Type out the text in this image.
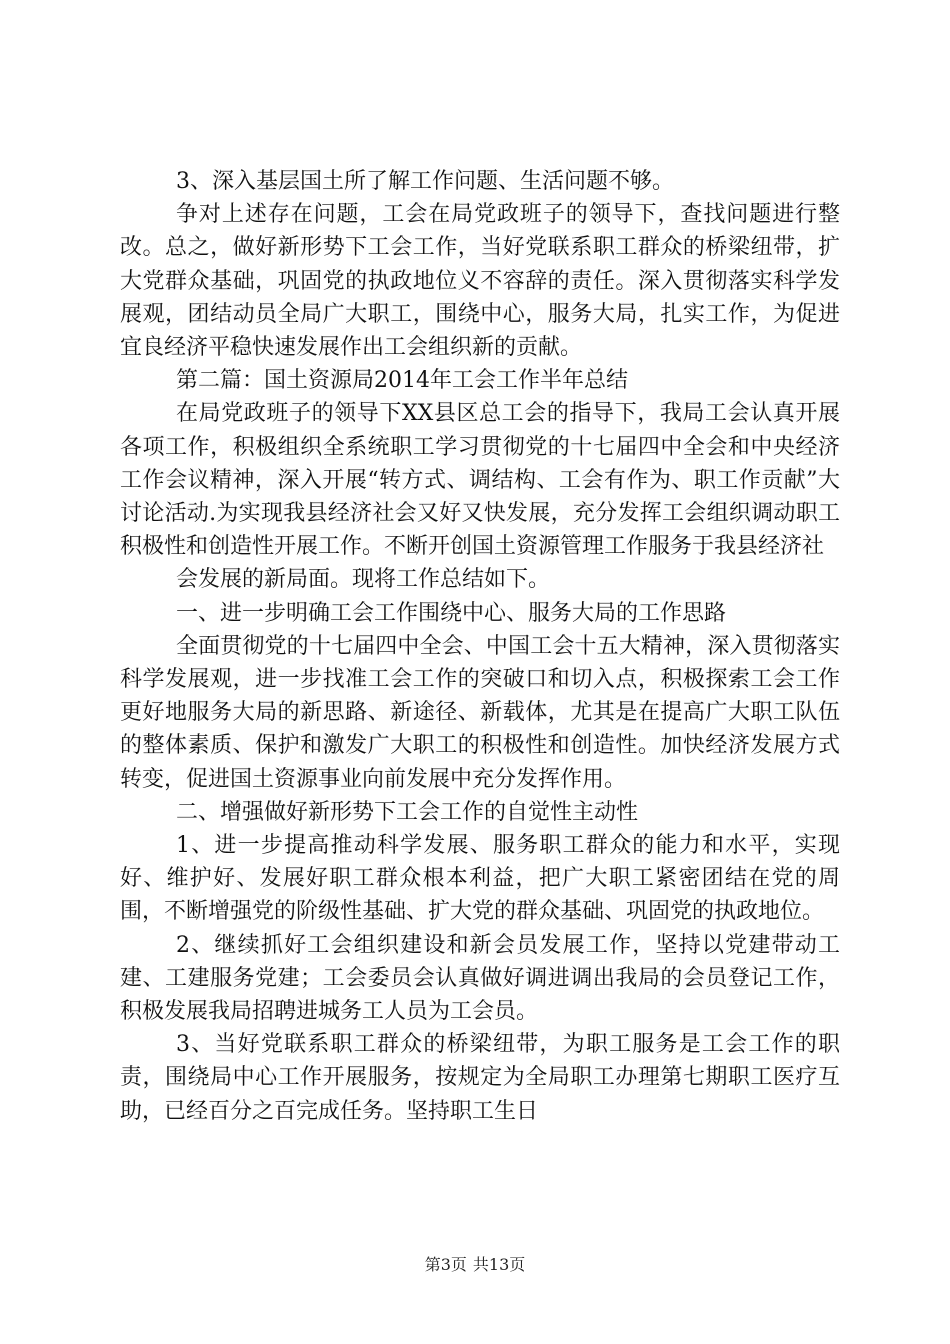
3、深入基层国土所了解工作问题、生活问题不够。

争对上述存在问题，工会在局党政班子的领导下，查找问题进行整改。总之，做好新形势下工会工作，当好党联系职工群众的桥梁纽带，扩大党群众基础，巩固党的执政地位义不容辞的责任。深入贯彻落实科学发展观，团结动员全局广大职工，围绕中心，服务大局，扎实工作，为促进宜良经济平稳快速发展作出工会组织新的贡献。

第二篇：国土资源局2014年工会工作半年总结

在局党政班子的领导下XX县区总工会的指导下，我局工会认真开展各项工作，积极组织全系统职工学习贯彻党的十七届四中全会和中央经济工作会议精神，深入开展“转方式、调结构、工会有作为、职工作贡献”大讨论活动.为实现我县经济社会又好又快发展，充分发挥工会组织调动职工积极性和创造性开展工作。不断开创国土资源管理工作服务于我县经济社

会发展的新局面。现将工作总结如下。

一、进一步明确工会工作围绕中心、服务大局的工作思路

全面贯彻党的十七届四中全会、中国工会十五大精神，深入贯彻落实科学发展观，进一步找准工会工作的突破口和切入点，积极探索工会工作更好地服务大局的新思路、新途径、新载体，尤其是在提高广大职工队伍的整体素质、保护和激发广大职工的积极性和创造性。加快经济发展方式转变，促进国土资源事业向前发展中充分发挥作用。

二、增强做好新形势下工会工作的自觉性主动性

1、进一步提高推动科学发展、服务职工群众的能力和水平，实现好、维护好、发展好职工群众根本利益，把广大职工紧密团结在党的周围，不断增强党的阶级性基础、扩大党的群众基础、巩固党的执政地位。

2、继续抓好工会组织建设和新会员发展工作，坚持以党建带动工建、工建服务党建；工会委员会认真做好调进调出我局的会员登记工作，积极发展我局招聘进城务工人员为工会员。

3、当好党联系职工群众的桥梁纽带，为职工服务是工会工作的职责，围绕局中心工作开展服务，按规定为全局职工办理第七期职工医疗互助，已经百分之百完成任务。坚持职工生日

第3页 共13页
